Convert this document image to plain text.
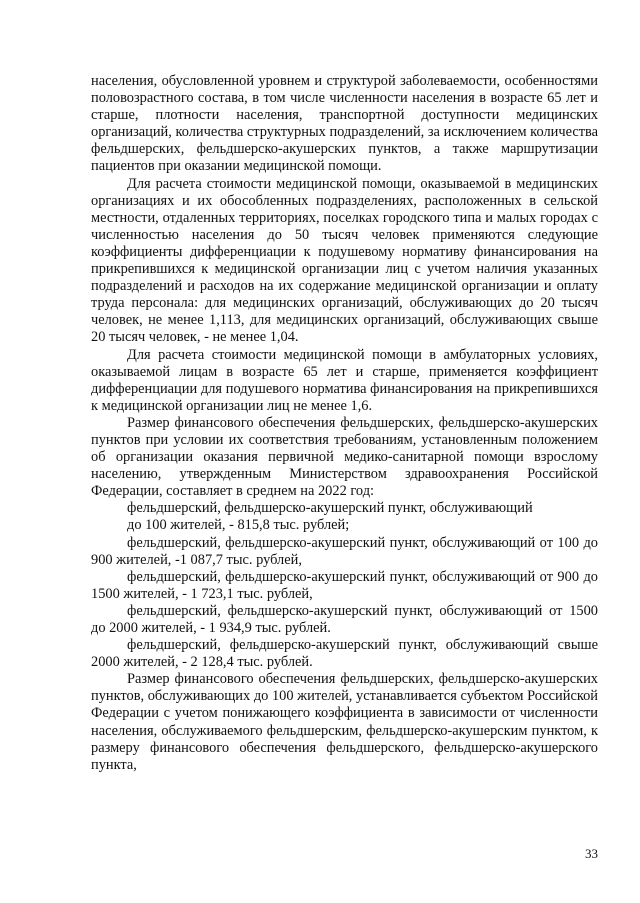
населения, обусловленной уровнем и структурой заболеваемости, особенностями половозрастного состава, в том числе численности населения в возрасте 65 лет и старше, плотности населения, транспортной доступности медицинских организаций, количества структурных подразделений, за исключением количества фельдшерских, фельдшерско-акушерских пунктов, а также маршрутизации пациентов при оказании медицинской помощи.

Для расчета стоимости медицинской помощи, оказываемой в медицинских организациях и их обособленных подразделениях, расположенных в сельской местности, отдаленных территориях, поселках городского типа и малых городах с численностью населения до 50 тысяч человек применяются следующие коэффициенты дифференциации к подушевому нормативу финансирования на прикрепившихся к медицинской организации лиц с учетом наличия указанных подразделений и расходов на их содержание медицинской организации и оплату труда персонала: для медицинских организаций, обслуживающих до 20 тысяч человек, не менее 1,113, для медицинских организаций, обслуживающих свыше 20 тысяч человек, - не менее 1,04.

Для расчета стоимости медицинской помощи в амбулаторных условиях, оказываемой лицам в возрасте 65 лет и старше, применяется коэффициент дифференциации для подушевого норматива финансирования на прикрепившихся к медицинской организации лиц не менее 1,6.

Размер финансового обеспечения фельдшерских, фельдшерско-акушерских пунктов при условии их соответствия требованиям, установленным положением об организации оказания первичной медико-санитарной помощи взрослому населению, утвержденным Министерством здравоохранения Российской Федерации, составляет в среднем на 2022 год:

фельдшерский, фельдшерско-акушерский пункт, обслуживающий

до 100 жителей, - 815,8 тыс. рублей;

фельдшерский, фельдшерско-акушерский пункт, обслуживающий от 100 до 900 жителей, -1 087,7 тыс. рублей,

фельдшерский, фельдшерско-акушерский пункт, обслуживающий от 900 до 1500 жителей, - 1 723,1 тыс. рублей,

фельдшерский, фельдшерско-акушерский пункт, обслуживающий от 1500 до 2000 жителей, - 1 934,9 тыс. рублей.

фельдшерский, фельдшерско-акушерский пункт, обслуживающий свыше 2000 жителей, - 2 128,4 тыс. рублей.

Размер финансового обеспечения фельдшерских, фельдшерско-акушерских пунктов, обслуживающих до 100 жителей, устанавливается субъектом Российской Федерации с учетом понижающего коэффициента в зависимости от численности населения, обслуживаемого фельдшерским, фельдшерско-акушерским пунктом, к размеру финансового обеспечения фельдшерского, фельдшерско-акушерского пункта,

33
